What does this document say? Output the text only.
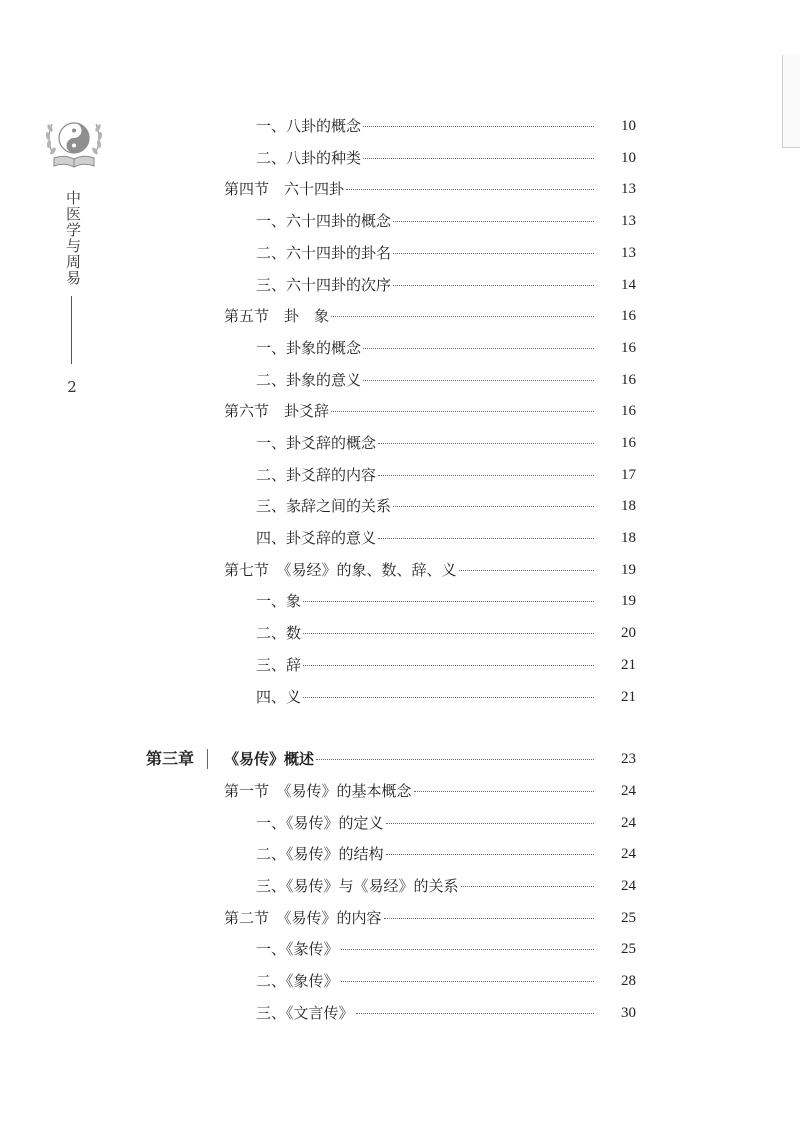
中医学与周易
2
一、八卦的概念	10
二、八卦的种类	10
第四节　六十四卦	13
一、六十四卦的概念	13
二、六十四卦的卦名	13
三、六十四卦的次序	14
第五节　卦　象	16
一、卦象的概念	16
二、卦象的意义	16
第六节　卦爻辞	16
一、卦爻辞的概念	16
二、卦爻辞的内容	17
三、彖辞之间的关系	18
四、卦爻辞的意义	18
第七节　《易经》的象、数、辞、义	19
一、象	19
二、数	20
三、辞	21
四、义	21
第三章 《易传》概述	23
第一节　《易传》的基本概念	24
一、《易传》的定义	24
二、《易传》的结构	24
三、《易传》与《易经》的关系	24
第二节　《易传》的内容	25
一、《彖传》	25
二、《象传》	28
三、《文言传》	30
